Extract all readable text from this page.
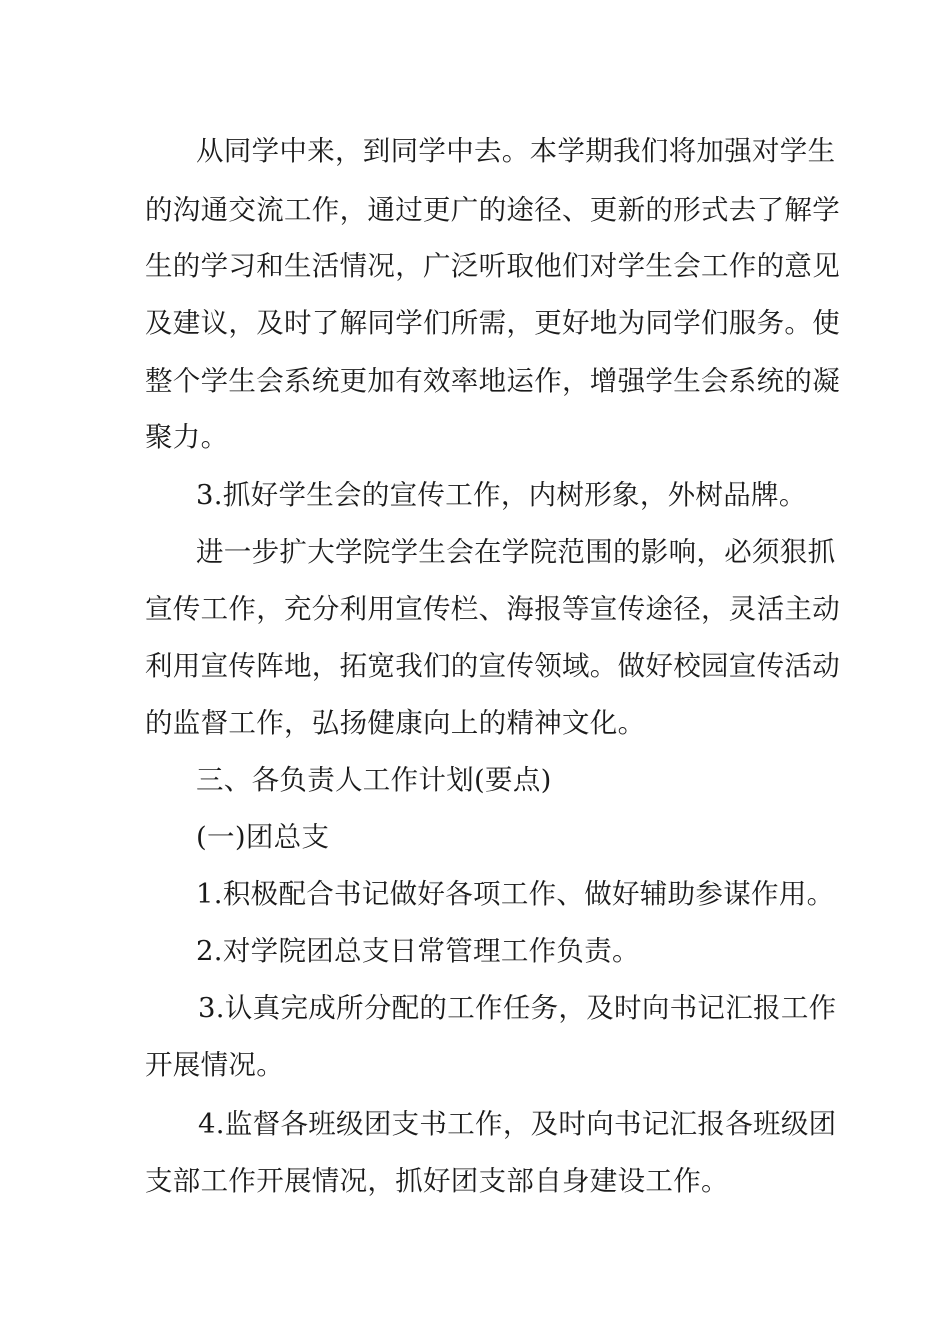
从同学中来，到同学中去。本学期我们将加强对学生
的沟通交流工作，通过更广的途径、更新的形式去了解学
生的学习和生活情况，广泛听取他们对学生会工作的意见
及建议，及时了解同学们所需，更好地为同学们服务。使
整个学生会系统更加有效率地运作，增强学生会系统的凝
聚力。
3.抓好学生会的宣传工作，内树形象，外树品牌。
进一步扩大学院学生会在学院范围的影响，必须狠抓
宣传工作，充分利用宣传栏、海报等宣传途径，灵活主动
利用宣传阵地，拓宽我们的宣传领域。做好校园宣传活动
的监督工作，弘扬健康向上的精神文化。
三、各负责人工作计划(要点)
(一)团总支
1.积极配合书记做好各项工作、做好辅助参谋作用。
2.对学院团总支日常管理工作负责。
3.认真完成所分配的工作任务，及时向书记汇报工作
开展情况。
4.监督各班级团支书工作，及时向书记汇报各班级团
支部工作开展情况，抓好团支部自身建设工作。
